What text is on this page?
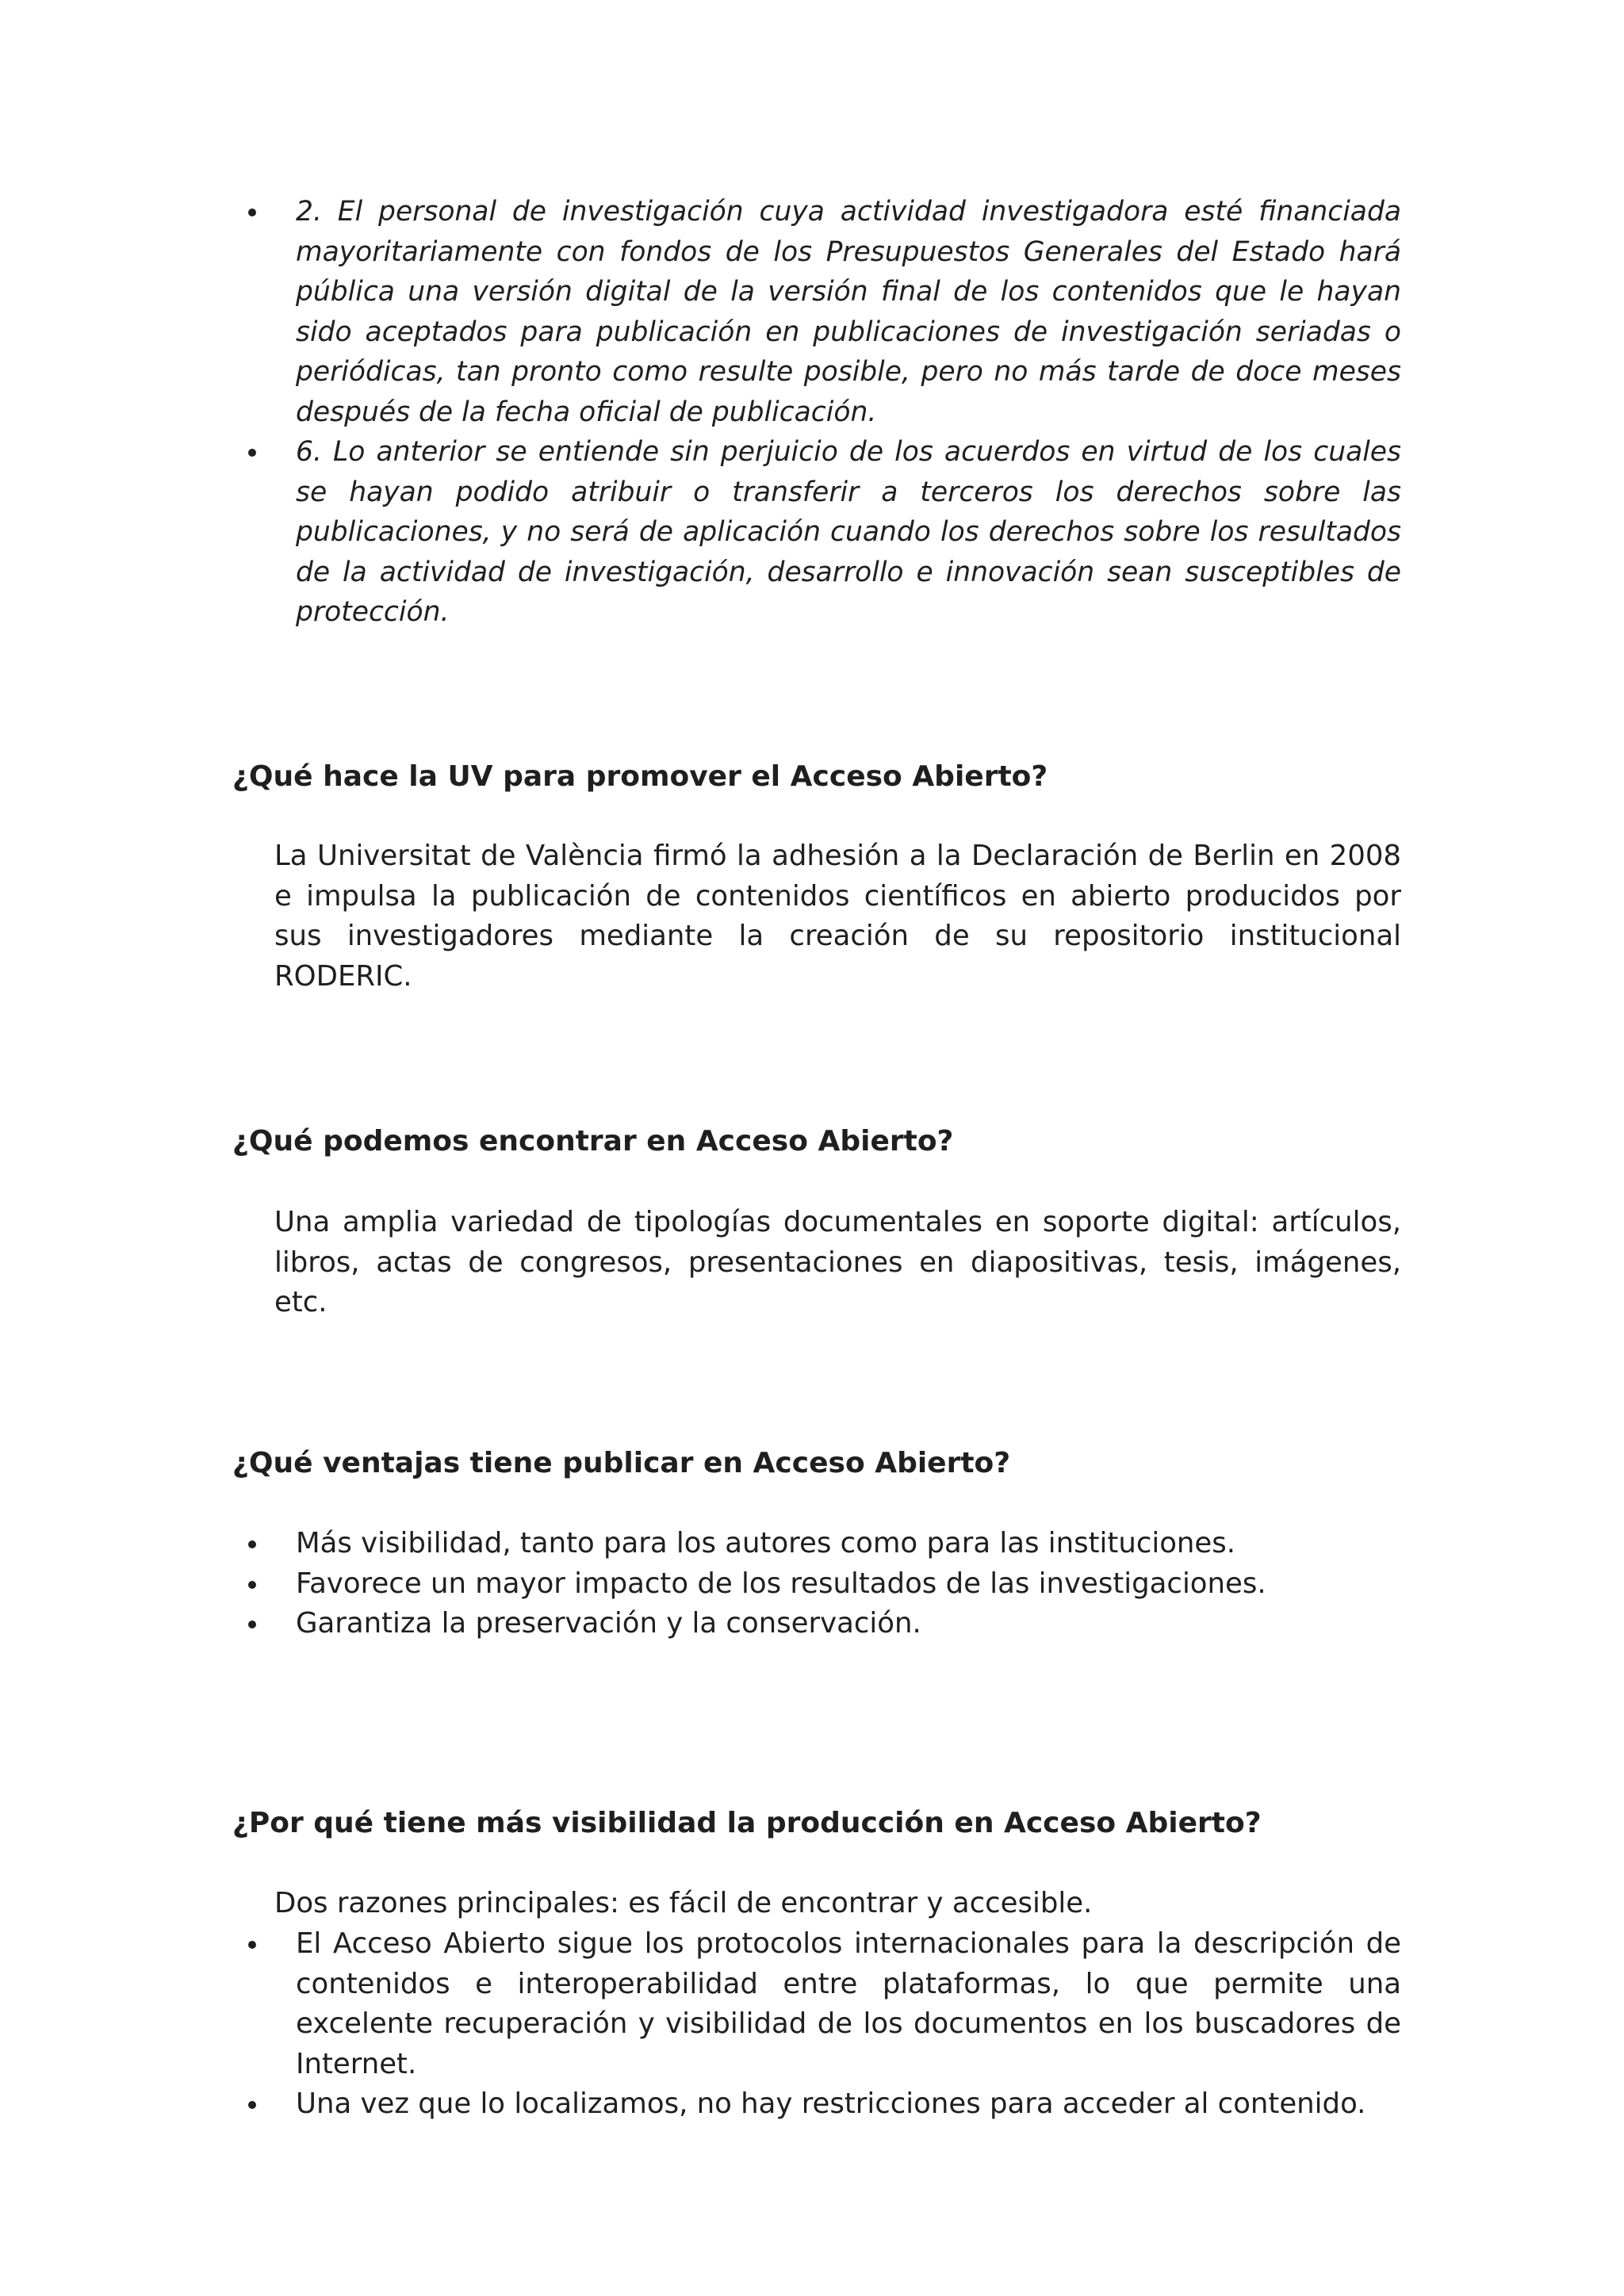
2. El personal de investigación cuya actividad investigadora esté financiada mayoritariamente con fondos de los Presupuestos Generales del Estado hará pública una versión digital de la versión final de los contenidos que le hayan sido aceptados para publicación en publicaciones de investigación seriadas o periódicas, tan pronto como resulte posible, pero no más tarde de doce meses después de la fecha oficial de publicación.
6. Lo anterior se entiende sin perjuicio de los acuerdos en virtud de los cuales se hayan podido atribuir o transferir a terceros los derechos sobre las publicaciones, y no será de aplicación cuando los derechos sobre los resultados de la actividad de investigación, desarrollo e innovación sean susceptibles de protección.
¿Qué hace la UV para promover el Acceso Abierto?

La Universitat de València firmó la adhesión a la Declaración de Berlin en 2008 e impulsa la publicación de contenidos científicos en abierto producidos por sus investigadores mediante la creación de su repositorio institucional RODERIC.

¿Qué podemos encontrar en Acceso Abierto?

Una amplia variedad de tipologías documentales en soporte digital: artículos, libros, actas de congresos, presentaciones en diapositivas, tesis, imágenes, etc.

¿Qué ventajas tiene publicar en Acceso Abierto?
Más visibilidad, tanto para los autores como para las instituciones.
Favorece un mayor impacto de los resultados de las investigaciones.
Garantiza la preservación y la conservación.
¿Por qué tiene más visibilidad la producción en Acceso Abierto?

Dos razones principales: es fácil de encontrar y accesible.

El Acceso Abierto sigue los protocolos internacionales para la descripción de contenidos e interoperabilidad entre plataformas, lo que permite una excelente recuperación y visibilidad de los documentos en los buscadores de Internet.
Una vez que lo localizamos, no hay restricciones para acceder al contenido.
